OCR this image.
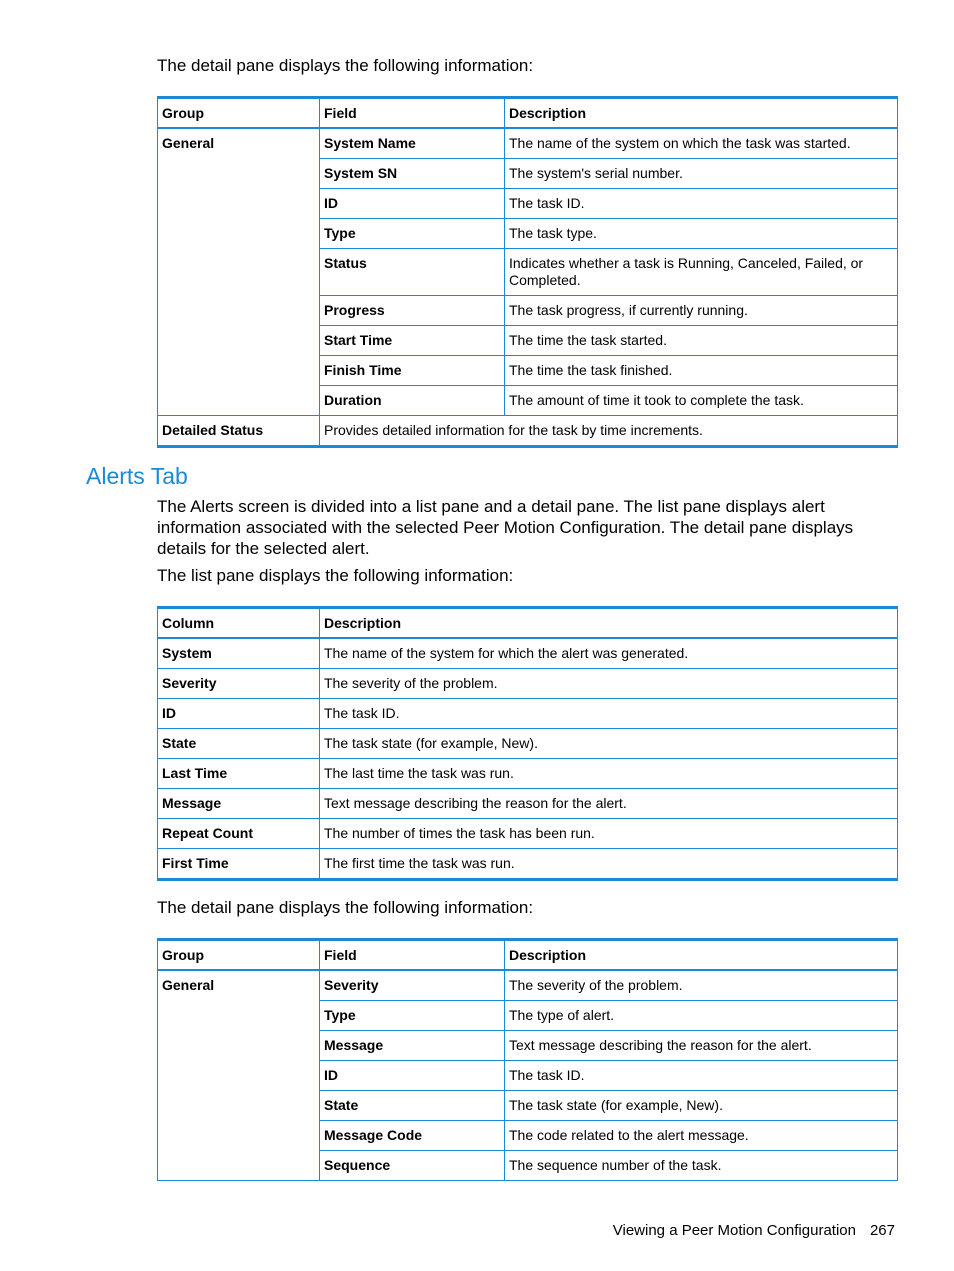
The detail pane displays the following information:

Group	Field	Description
General	System Name	The name of the system on which the task was started.
	System SN	The system's serial number.
	ID	The task ID.
	Type	The task type.
	Status	Indicates whether a task is Running, Canceled, Failed, or Completed.
	Progress	The task progress, if currently running.
	Start Time	The time the task started.
	Finish Time	The time the task finished.
	Duration	The amount of time it took to complete the task.
Detailed Status	Provides detailed information for the task by time increments.	
Alerts Tab

The Alerts screen is divided into a list pane and a detail pane. The list pane displays alert information associated with the selected Peer Motion Configuration. The detail pane displays details for the selected alert.

The list pane displays the following information:

Column	Description
System	The name of the system for which the alert was generated.
Severity	The severity of the problem.
ID	The task ID.
State	The task state (for example, New).
Last Time	The last time the task was run.
Message	Text message describing the reason for the alert.
Repeat Count	The number of times the task has been run.
First Time	The first time the task was run.

The detail pane displays the following information:

Group	Field	Description
General	Severity	The severity of the problem.
	Type	The type of alert.
	Message	Text message describing the reason for the alert.
	ID	The task ID.
	State	The task state (for example, New).
	Message Code	The code related to the alert message.
	Sequence	The sequence number of the task.

Viewing a Peer Motion Configuration 267
